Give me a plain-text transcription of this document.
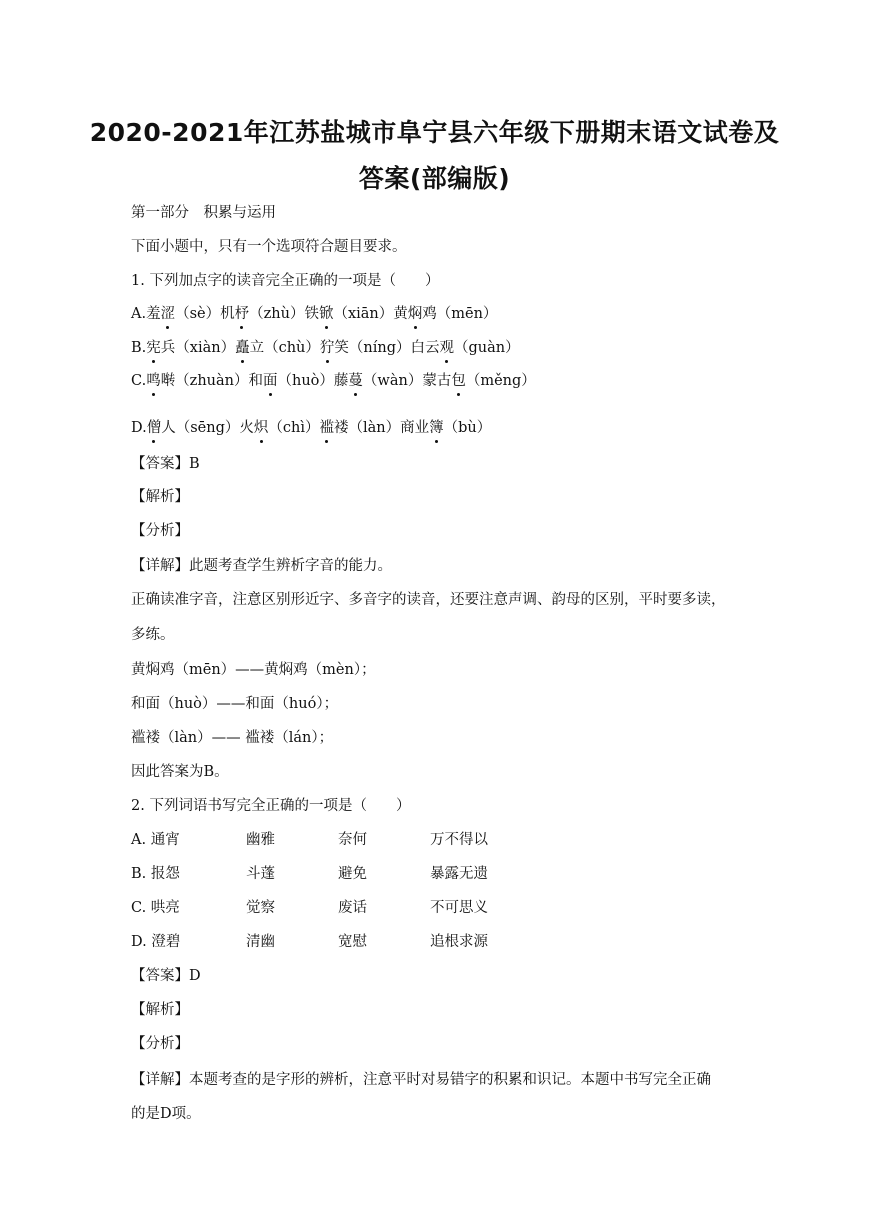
2020-2021年江苏盐城市阜宁县六年级下册期末语文试卷及
答案(部编版)
第一部分　积累与运用
下面小题中，只有一个选项符合题目要求。
1. 下列加点字的读音完全正确的一项是（　　）
A.羞涩（sè）机杼（zhù）铁锨（xiān）黄焖鸡（mēn）
B.宪兵（xiàn）矗立（chù）狞笑（níng）白云观（guàn）
C.鸣啭（zhuàn）和面（huò）藤蔓（wàn）蒙古包（měng）
D.僧人（sēng）火炽（chì）褴褛（làn）商业簿（bù）
【答案】B
【解析】
【分析】
【详解】此题考查学生辨析字音的能力。
正确读准字音，注意区别形近字、多音字的读音，还要注意声调、韵母的区别，平时要多读，
多练。
黄焖鸡（mēn）——黄焖鸡（mèn）；
和面（huò）——和面（huó）；
褴褛（làn）—— 褴褛（lán）；
因此答案为B。
2. 下列词语书写完全正确的一项是（　　）
A. 通宵	幽雅	奈何	万不得以
B. 报怨	斗蓬	避免	暴露无遗
C. 哄亮	觉察	废话	不可思义
D. 澄碧	清幽	宽慰	追根求源
【答案】D
【解析】
【分析】
【详解】本题考查的是字形的辨析，注意平时对易错字的积累和识记。本题中书写完全正确
的是D项。
